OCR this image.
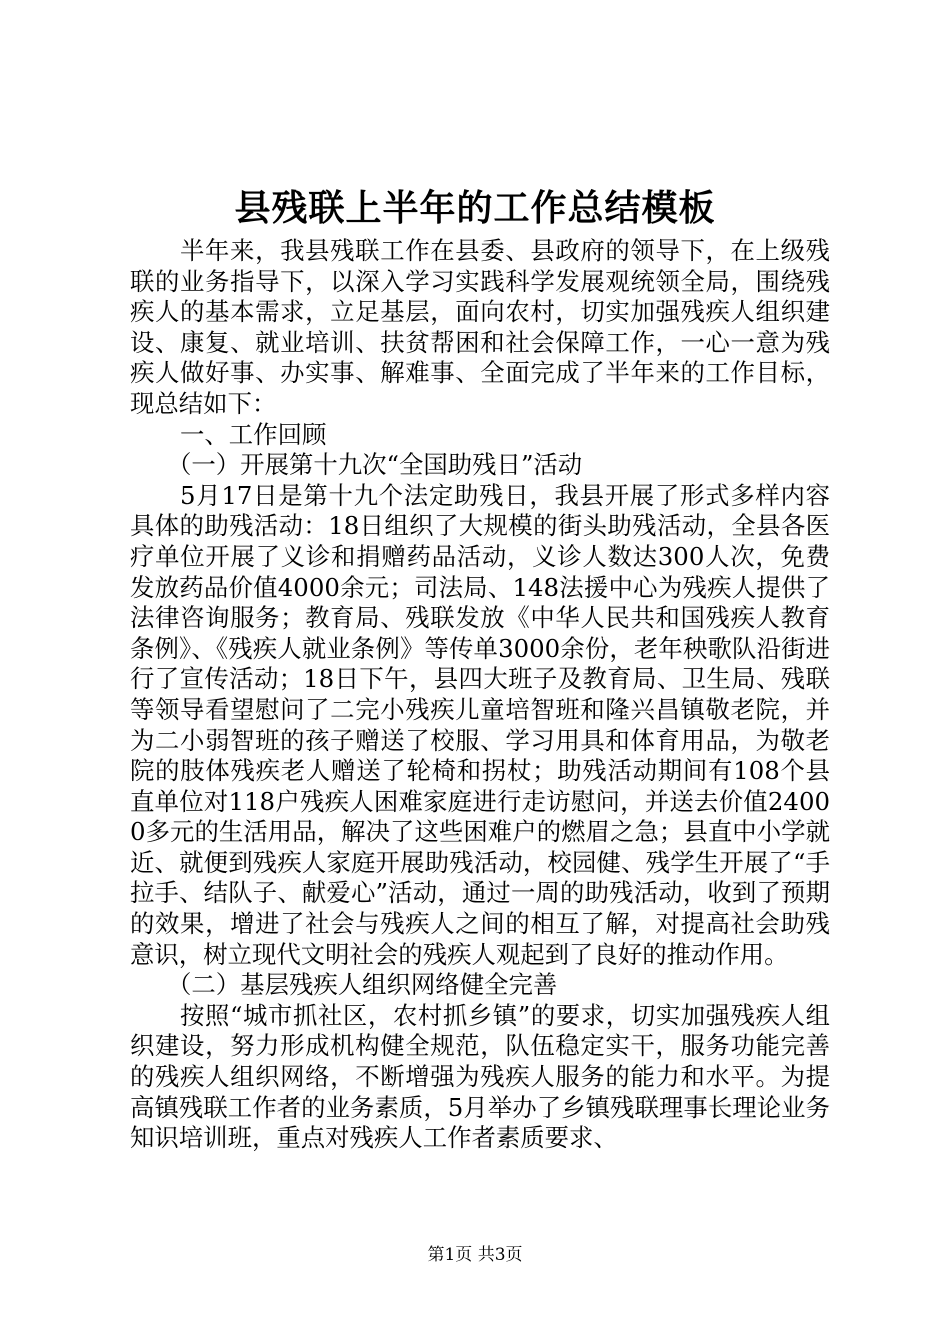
县残联上半年的工作总结模板

半年来，我县残联工作在县委、县政府的领导下，在上级残联的业务指导下，以深入学习实践科学发展观统领全局，围绕残疾人的基本需求，立足基层，面向农村，切实加强残疾人组织建设、康复、就业培训、扶贫帮困和社会保障工作，一心一意为残疾人做好事、办实事、解难事、全面完成了半年来的工作目标，现总结如下：

一、工作回顾

（一）开展第十九次“全国助残日”活动

5月17日是第十九个法定助残日，我县开展了形式多样内容具体的助残活动：18日组织了大规模的街头助残活动，全县各医疗单位开展了义诊和捐赠药品活动，义诊人数达300人次，免费发放药品价值4000余元；司法局、148法援中心为残疾人提供了法律咨询服务；教育局、残联发放《中华人民共和国残疾人教育条例》、《残疾人就业条例》等传单3000余份，老年秧歌队沿街进行了宣传活动；18日下午，县四大班子及教育局、卫生局、残联等领导看望慰问了二完小残疾儿童培智班和隆兴昌镇敬老院，并为二小弱智班的孩子赠送了校服、学习用具和体育用品，为敬老院的肢体残疾老人赠送了轮椅和拐杖；助残活动期间有108个县直单位对118户残疾人困难家庭进行走访慰问，并送去价值24000多元的生活用品，解决了这些困难户的燃眉之急；县直中小学就近、就便到残疾人家庭开展助残活动，校园健、残学生开展了“手拉手、结队子、献爱心”活动，通过一周的助残活动，收到了预期的效果，增进了社会与残疾人之间的相互了解，对提高社会助残意识，树立现代文明社会的残疾人观起到了良好的推动作用。

（二）基层残疾人组织网络健全完善

按照“城市抓社区，农村抓乡镇”的要求，切实加强残疾人组织建设，努力形成机构健全规范，队伍稳定实干，服务功能完善的残疾人组织网络，不断增强为残疾人服务的能力和水平。为提高镇残联工作者的业务素质，5月举办了乡镇残联理事长理论业务知识培训班，重点对残疾人工作者素质要求、

第1页 共3页
